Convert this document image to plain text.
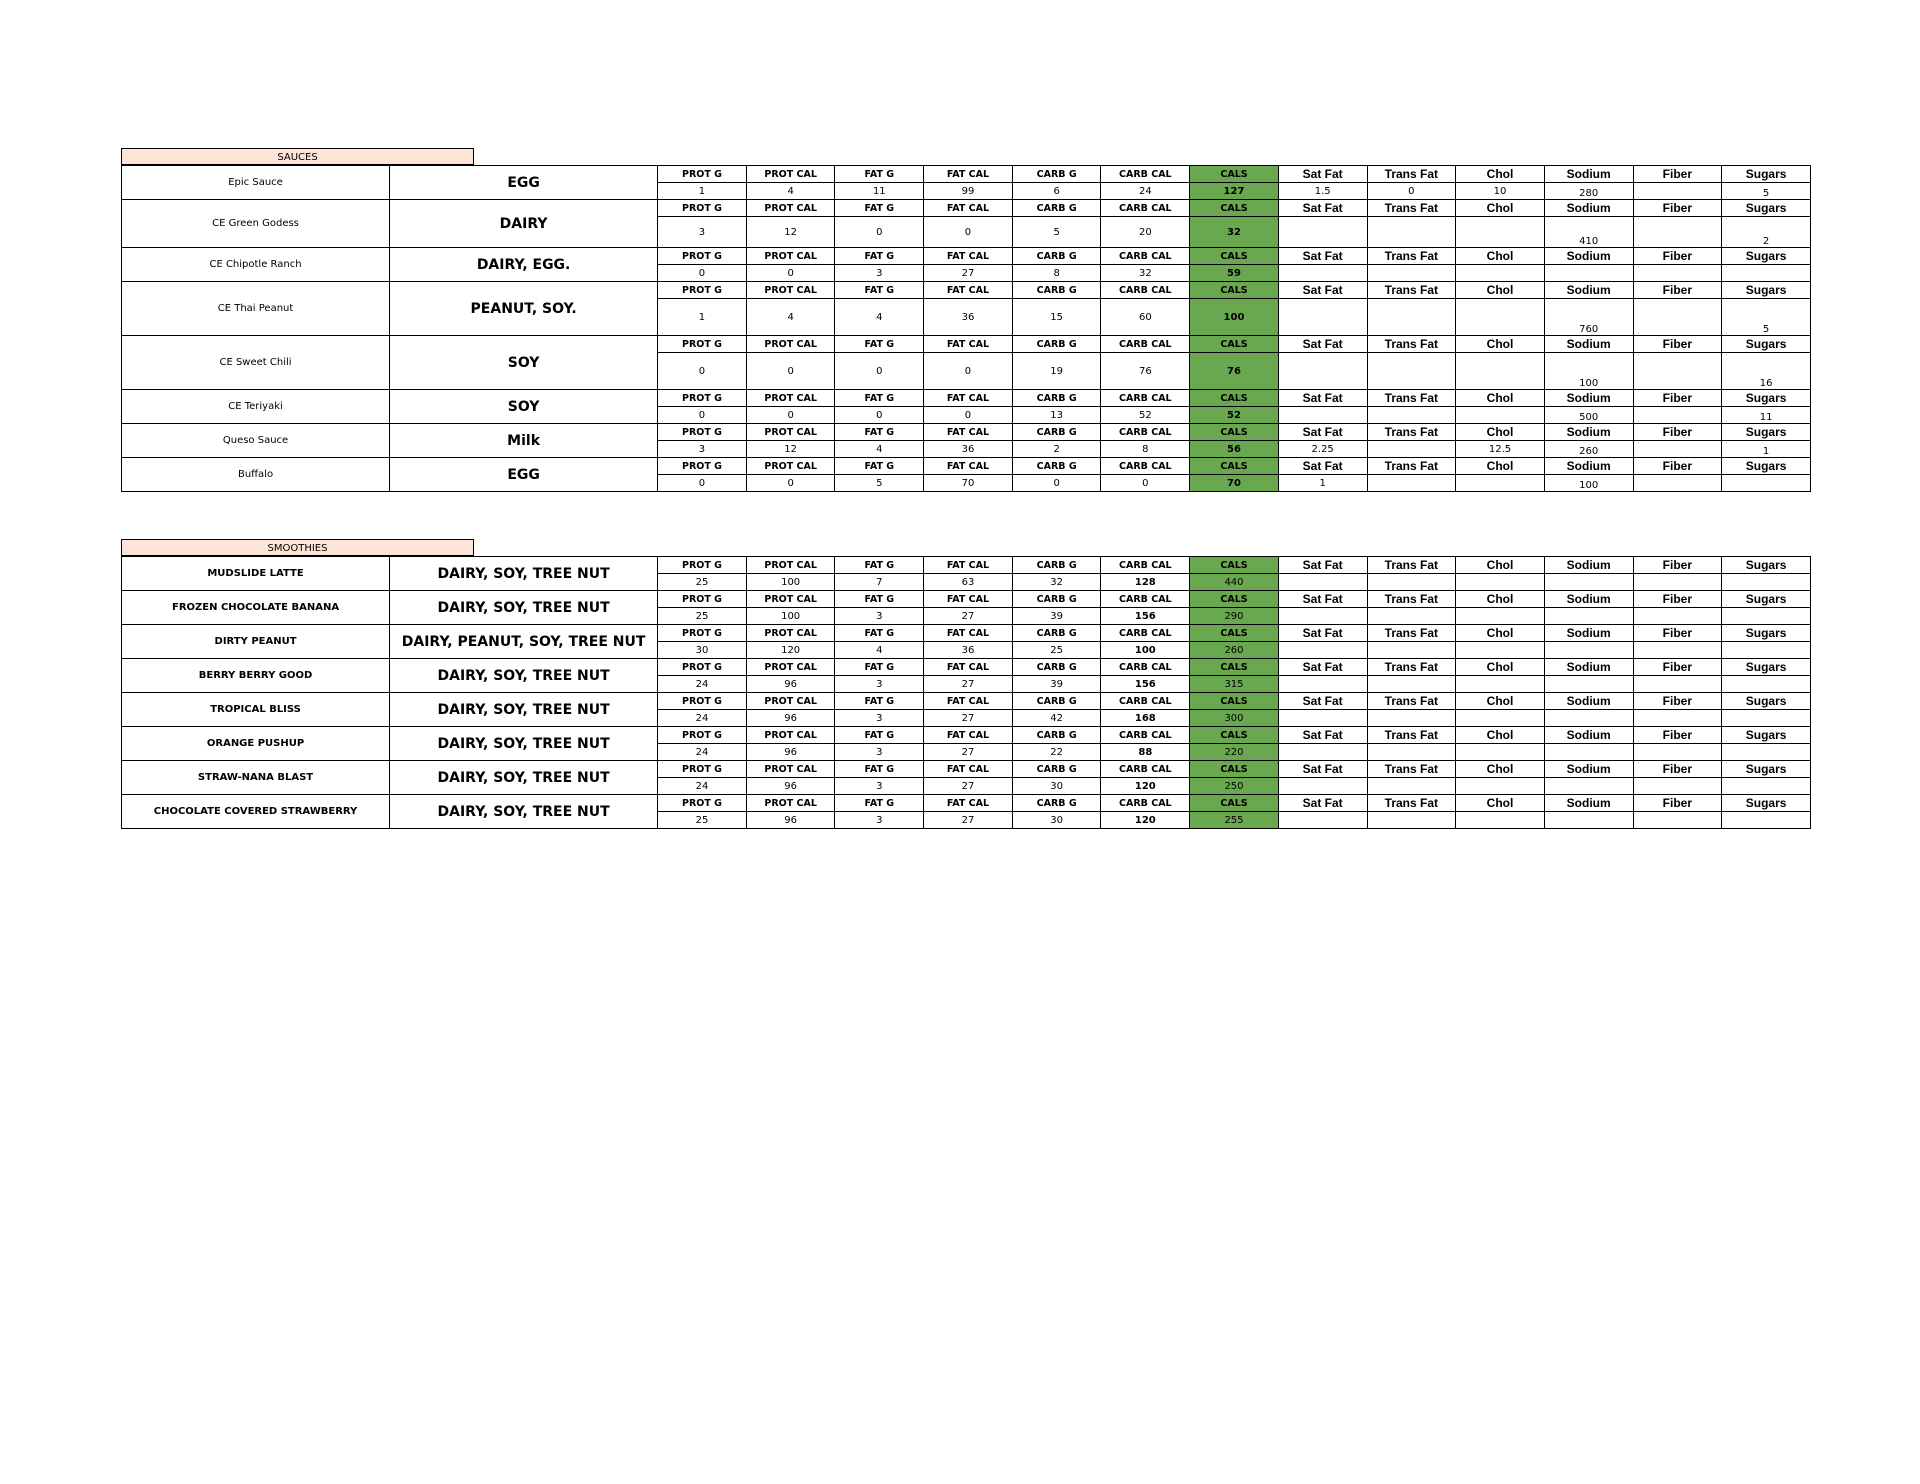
SAUCES
Epic Sauce	EGG	PROT G	PROT CAL	FAT G	FAT CAL	CARB G	CARB CAL	CALS	Sat Fat	Trans Fat	Chol	Sodium	Fiber	Sugars
		1	4	11	99	6	24	127	1.5	0	10	280		5
CE Green Godess	DAIRY	PROT G	PROT CAL	FAT G	FAT CAL	CARB G	CARB CAL	CALS	Sat Fat	Trans Fat	Chol	Sodium	Fiber	Sugars
		3	12	0	0	5	20	32				410		2
CE Chipotle Ranch	DAIRY, EGG.	PROT G	PROT CAL	FAT G	FAT CAL	CARB G	CARB CAL	CALS	Sat Fat	Trans Fat	Chol	Sodium	Fiber	Sugars
		0	0	3	27	8	32	59						
CE Thai Peanut	PEANUT, SOY.	PROT G	PROT CAL	FAT G	FAT CAL	CARB G	CARB CAL	CALS	Sat Fat	Trans Fat	Chol	Sodium	Fiber	Sugars
		1	4	4	36	15	60	100				760		5
CE Sweet Chili	SOY	PROT G	PROT CAL	FAT G	FAT CAL	CARB G	CARB CAL	CALS	Sat Fat	Trans Fat	Chol	Sodium	Fiber	Sugars
		0	0	0	0	19	76	76				100		16
CE Teriyaki	SOY	PROT G	PROT CAL	FAT G	FAT CAL	CARB G	CARB CAL	CALS	Sat Fat	Trans Fat	Chol	Sodium	Fiber	Sugars
		0	0	0	0	13	52	52				500		11
Queso Sauce	Milk	PROT G	PROT CAL	FAT G	FAT CAL	CARB G	CARB CAL	CALS	Sat Fat	Trans Fat	Chol	Sodium	Fiber	Sugars
		3	12	4	36	2	8	56	2.25		12.5	260		1
Buffalo	EGG	PROT G	PROT CAL	FAT G	FAT CAL	CARB G	CARB CAL	CALS	Sat Fat	Trans Fat	Chol	Sodium	Fiber	Sugars
		0	0	5	70	0	0	70	1			100		
SMOOTHIES
MUDSLIDE LATTE	DAIRY, SOY, TREE NUT	PROT G	PROT CAL	FAT G	FAT CAL	CARB G	CARB CAL	CALS	Sat Fat	Trans Fat	Chol	Sodium	Fiber	Sugars
		25	100	7	63	32	128	440						
FROZEN CHOCOLATE BANANA	DAIRY, SOY, TREE NUT	PROT G	PROT CAL	FAT G	FAT CAL	CARB G	CARB CAL	CALS	Sat Fat	Trans Fat	Chol	Sodium	Fiber	Sugars
		25	100	3	27	39	156	290						
DIRTY PEANUT	DAIRY, PEANUT, SOY, TREE NUT	PROT G	PROT CAL	FAT G	FAT CAL	CARB G	CARB CAL	CALS	Sat Fat	Trans Fat	Chol	Sodium	Fiber	Sugars
		30	120	4	36	25	100	260						
BERRY BERRY GOOD	DAIRY, SOY, TREE NUT	PROT G	PROT CAL	FAT G	FAT CAL	CARB G	CARB CAL	CALS	Sat Fat	Trans Fat	Chol	Sodium	Fiber	Sugars
		24	96	3	27	39	156	315						
TROPICAL BLISS	DAIRY, SOY, TREE NUT	PROT G	PROT CAL	FAT G	FAT CAL	CARB G	CARB CAL	CALS	Sat Fat	Trans Fat	Chol	Sodium	Fiber	Sugars
		24	96	3	27	42	168	300						
ORANGE PUSHUP	DAIRY, SOY, TREE NUT	PROT G	PROT CAL	FAT G	FAT CAL	CARB G	CARB CAL	CALS	Sat Fat	Trans Fat	Chol	Sodium	Fiber	Sugars
		24	96	3	27	22	88	220						
STRAW-NANA BLAST	DAIRY, SOY, TREE NUT	PROT G	PROT CAL	FAT G	FAT CAL	CARB G	CARB CAL	CALS	Sat Fat	Trans Fat	Chol	Sodium	Fiber	Sugars
		24	96	3	27	30	120	250						
CHOCOLATE COVERED STRAWBERRY	DAIRY, SOY, TREE NUT	PROT G	PROT CAL	FAT G	FAT CAL	CARB G	CARB CAL	CALS	Sat Fat	Trans Fat	Chol	Sodium	Fiber	Sugars
		25	96	3	27	30	120	255						
